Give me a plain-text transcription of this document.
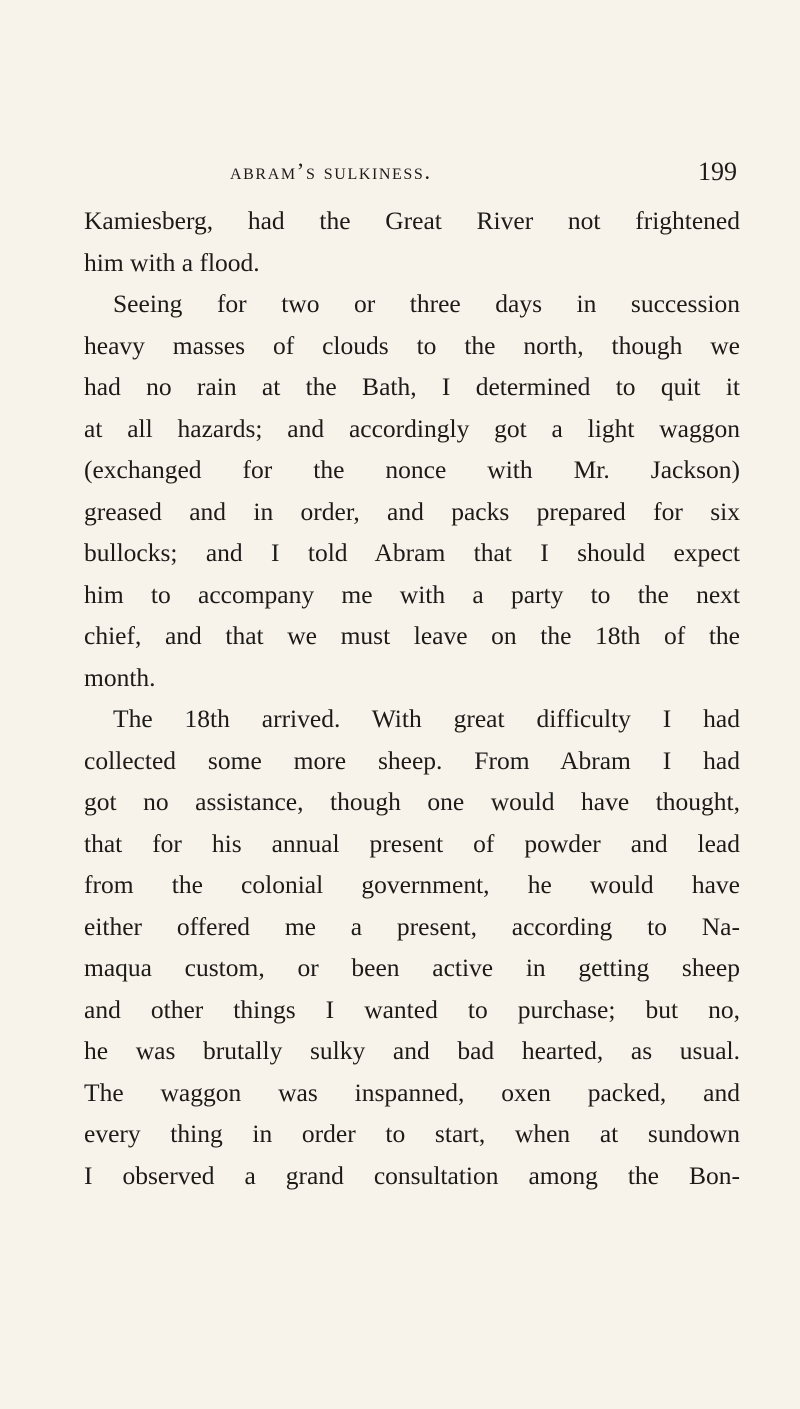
abram’s sulkiness.	199
Kamiesberg, had the Great River not frightened
him with a flood.
Seeing for two or three days in succession
heavy masses of clouds to the north, though we
had no rain at the Bath, I determined to quit it
at all hazards; and accordingly got a light waggon
(exchanged for the nonce with Mr. Jackson)
greased and in order, and packs prepared for six
bullocks; and I told Abram that I should expect
him to accompany me with a party to the next
chief, and that we must leave on the 18th of the
month.
The 18th arrived. With great difficulty I had
collected some more sheep. From Abram I had
got no assistance, though one would have thought,
that for his annual present of powder and lead
from the colonial government, he would have
either offered me a present, according to Na-
maqua custom, or been active in getting sheep
and other things I wanted to purchase; but no,
he was brutally sulky and bad hearted, as usual.
The waggon was inspanned, oxen packed, and
every thing in order to start, when at sundown
I observed a grand consultation among the Bon-
